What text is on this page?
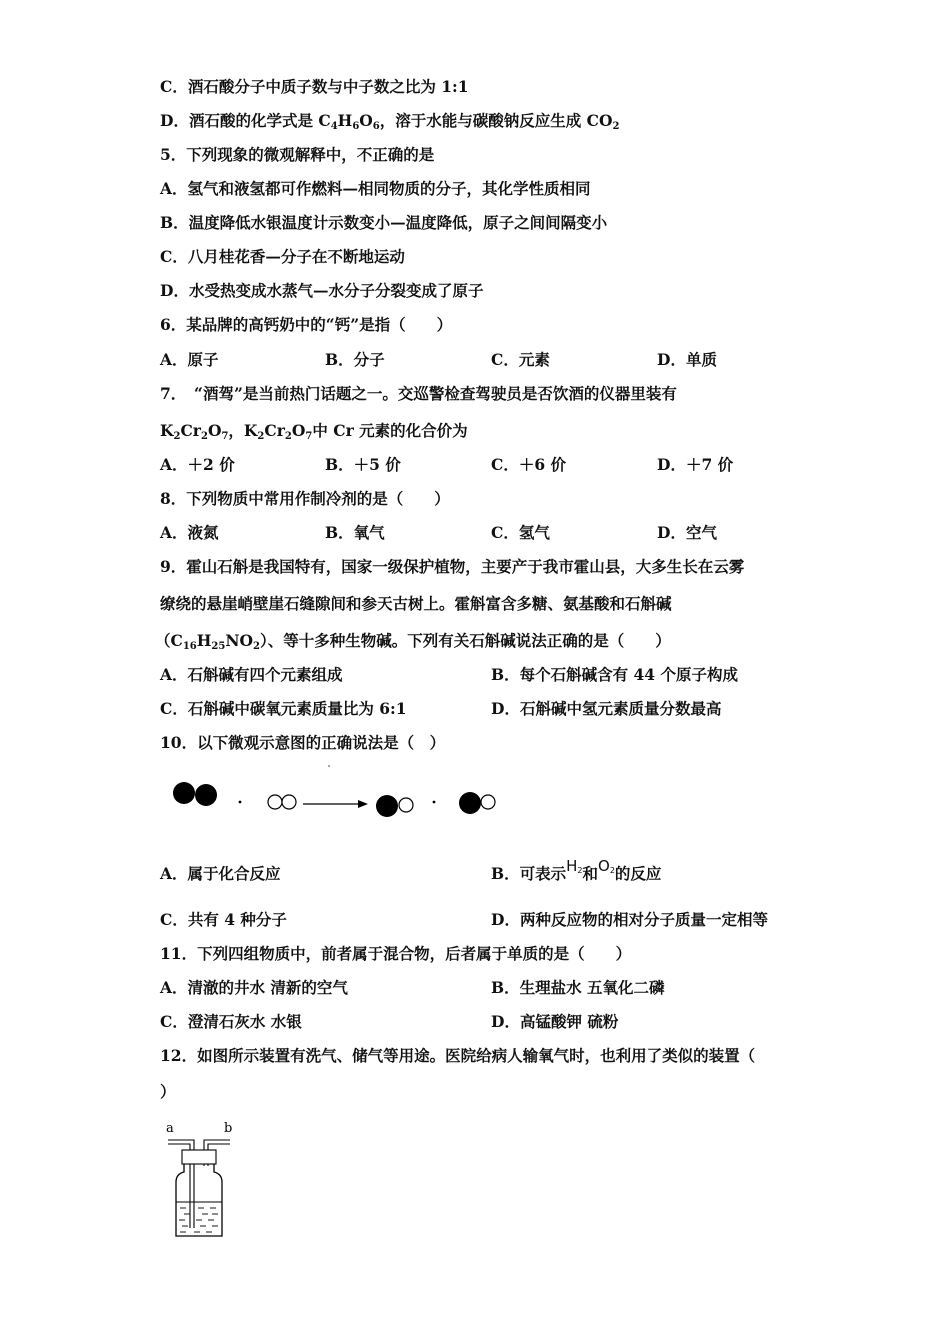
C．酒石酸分子中质子数与中子数之比为 1:1
D．酒石酸的化学式是 $C_4H_6O_6$，溶于水能与碳酸钠反应生成 $CO_2$
5．下列现象的微观解释中，不正确的是
A．氢气和液氢都可作燃料—相同物质的分子，其化学性质相同
B．温度降低水银温度计示数变小—温度降低，原子之间间隔变小
C．八月桂花香—分子在不断地运动
D．水受热变成水蒸气—水分子分裂变成了原子
6．某品牌的高钙奶中的“钙”是指（　　）
A．原子	B．分子	C．元素	D．单质
7．　“酒驾”是当前热门话题之一。交巡警检查驾驶员是否饮酒的仪器里装有
$K_2Cr_2O_7$，$K_2Cr_2O_7$中 Cr 元素的化合价为
A．＋2 价	B．＋5 价	C．＋6 价	D．＋7 价
8．下列物质中常用作制冷剂的是（　　）
A．液氮	B．氧气	C．氢气	D．空气
9．霍山石斛是我国特有，国家一级保护植物，主要产于我市霍山县，大多生长在云雾
缭绕的悬崖峭壁崖石缝隙间和参天古树上。霍斛富含多糖、氨基酸和石斛碱
$(C_{16}H_{25}NO_2)$、等十多种生物碱。下列有关石斛碱说法正确的是（　　）
A．石斛碱有四个元素组成	B．每个石斛碱含有 44 个原子构成
C．石斛碱中碳氧元素质量比为 6:1	D．石斛碱中氢元素质量分数最高
10．以下微观示意图的正确说法是（　）
A．属于化合反应	B．可表示$H_2$和$O_2$的反应
C．共有 4 种分子	D．两种反应物的相对分子质量一定相等
11．下列四组物质中，前者属于混合物，后者属于单质的是（　　）
A．清澈的井水 清新的空气	B．生理盐水 五氧化二磷
C．澄清石灰水 水银	D．高锰酸钾 硫粉
12．如图所示装置有洗气、储气等用途。医院给病人输氧气时，也利用了类似的装置（
）
a	b
